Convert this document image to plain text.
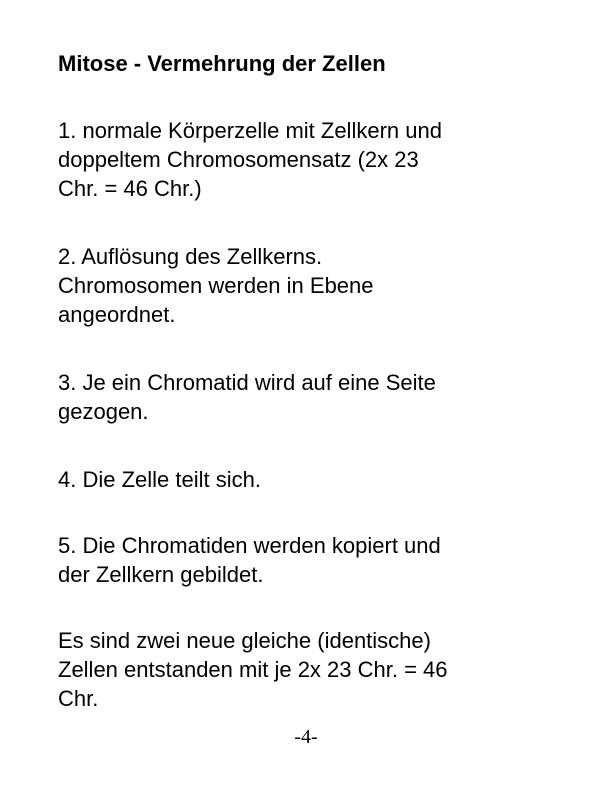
Mitose - Vermehrung der Zellen

1. normale Körperzelle mit Zellkern und
doppeltem Chromosomensatz (2x 23
Chr. = 46 Chr.)

2. Auflösung des Zellkerns.
Chromosomen werden in Ebene
angeordnet.

3. Je ein Chromatid wird auf eine Seite
gezogen.

4. Die Zelle teilt sich.

5. Die Chromatiden werden kopiert und
der Zellkern gebildet.

Es sind zwei neue gleiche (identische)
Zellen entstanden mit je 2x 23 Chr. = 46
Chr.

-4-
